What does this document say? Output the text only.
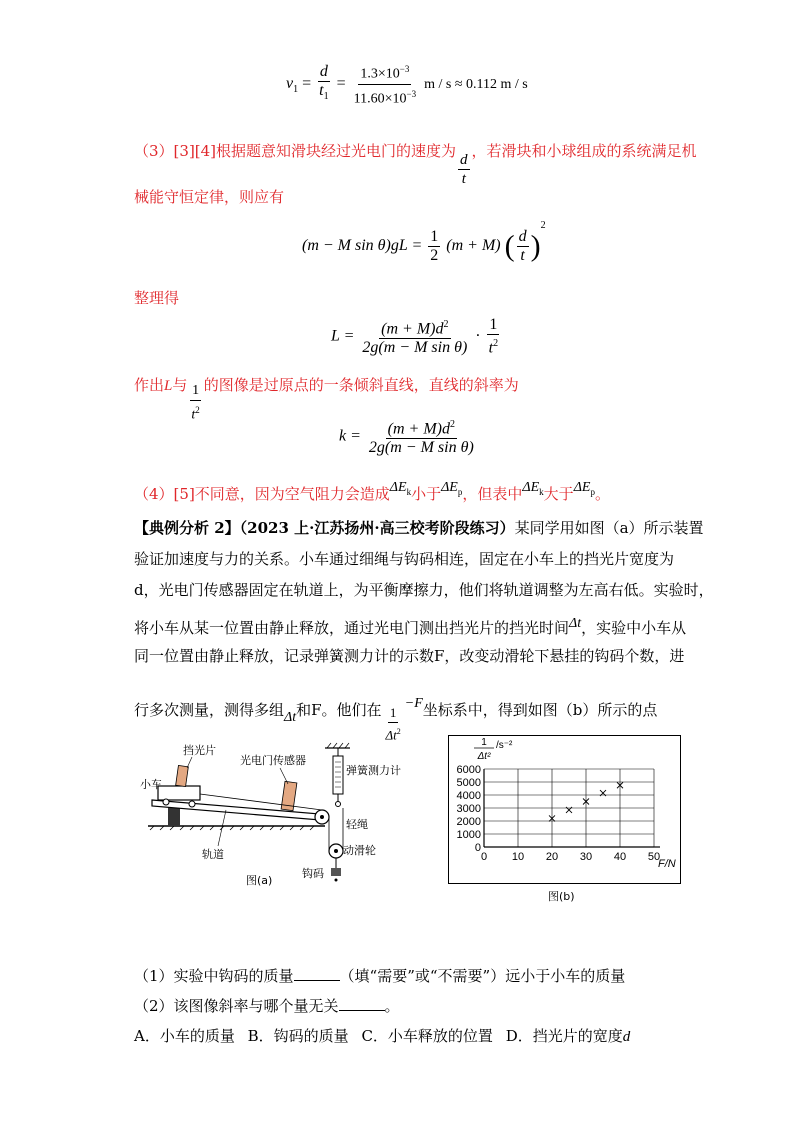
$v_1 = \frac{d}{t_1} = \frac{1.3\times 10^{-3}}{11.60\times 10^{-3}}$ m / s ≈ 0.112 m / s
（3）[3][4]根据题意知滑块经过光电门的速度为 $\frac{d}{t}$ ，若滑块和小球组成的系统满足机
械能守恒定律，则应有
(m − M $\sin \theta)gL = \frac{1}{2} (m + M)$ ( $\frac{d}{t} )^2$
整理得
$L = \frac{(m + M)d^2}{\text{2g(m − M sin θ)}} \cdot \frac{1}{t^2}$
作出L与 $\frac{1}{t^2}$ 的图像是过原点的一条倾斜直线，直线的斜率为
$k = \frac{(m + M)d^2}{\text{2g(m − M sin θ)}}$
（4）[5]不同意，因为空气阻力会造成$\Delta E_k$小于$\Delta E_p$，但表中$\Delta E_k$大于$\Delta E_p$。
【典例分析 2】（2023 上·江苏扬州·高三校考阶段练习）某同学用如图（a）所示装置
验证加速度与力的关系。小车通过细绳与钩码相连，固定在小车上的挡光片宽度为
d，光电门传感器固定在轨道上，为平衡摩擦力，他们将轨道调整为左高右低。实验时，
将小车从某一位置由静止释放，通过光电门测出挡光片的挡光时间Δt，实验中小车从
同一位置由静止释放，记录弹簧测力计的示数F，改变动滑轮下悬挂的钩码个数，进
行多次测量，测得多组Δt和F。他们在 $\frac{1}{\Delta t^2}$
−F坐标系中，得到如图（b）所示的点
挡光片
小车
光电门传感器
弹簧测力计
轻绳
轨道	动滑轮
钩码
图(a)
0 10 20 30 40 50
0
1000
2000
3000
4000
5000
6000
1
Δt²
/s⁻²
F/N
图(b)
（1）实验中钩码的质量	（填“需要”或“不需要”）远小于小车的质量
（2）该图像斜率与哪个量无关	。
A．小车的质量 B．钩码的质量 C．小车释放的位置 D．挡光片的宽度d
